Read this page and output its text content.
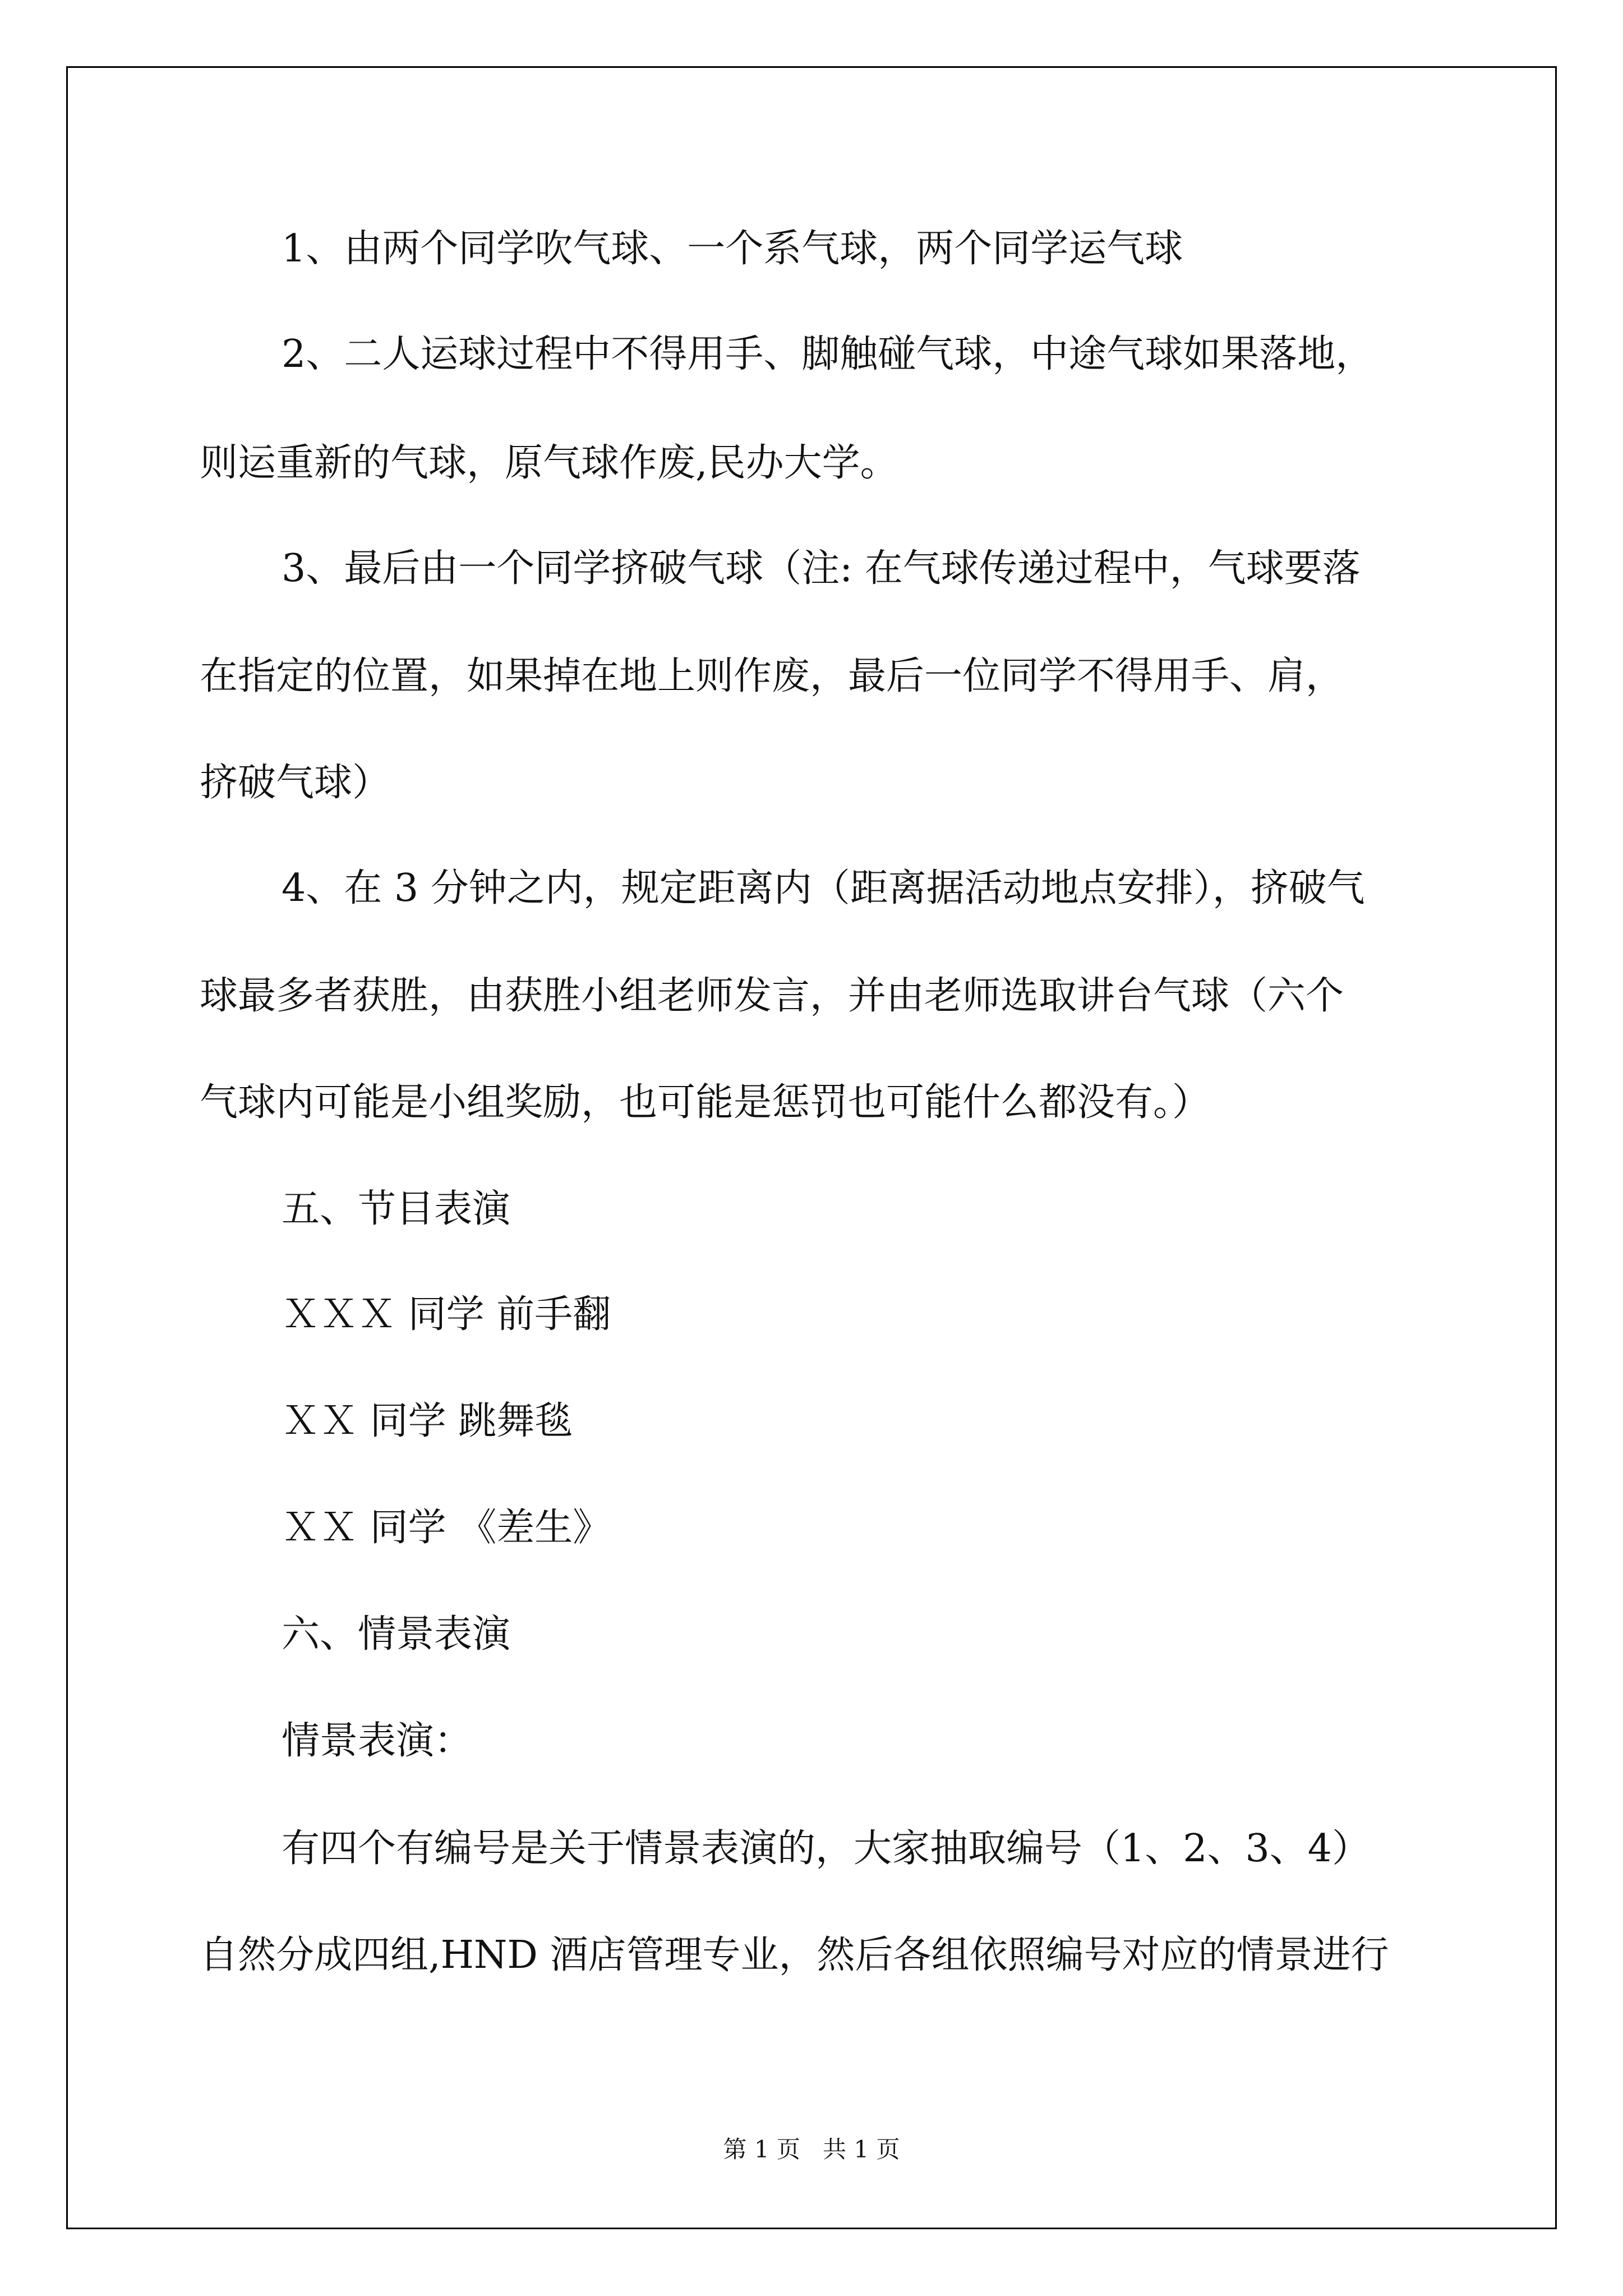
1、由两个同学吹气球、一个系气球，两个同学运气球

2、二人运球过程中不得用手、脚触碰气球，中途气球如果落地，

则运重新的气球，原气球作废,民办大学。

3、最后由一个同学挤破气球（注: 在气球传递过程中，气球要落

在指定的位置，如果掉在地上则作废，最后一位同学不得用手、肩，

挤破气球）

4、在 3 分钟之内，规定距离内（距离据活动地点安排），挤破气

球最多者获胜，由获胜小组老师发言，并由老师选取讲台气球（六个

气球内可能是小组奖励，也可能是惩罚也可能什么都没有。）

五、节目表演

ＸＸＸ 同学 前手翻

ＸＸ 同学 跳舞毯

ＸＸ 同学 《差生》

六、情景表演

情景表演：

有四个有编号是关于情景表演的，大家抽取编号（1、2、3、4）

自然分成四组,HND 酒店管理专业，然后各组依照编号对应的情景进行

第 1 页   共 1 页
